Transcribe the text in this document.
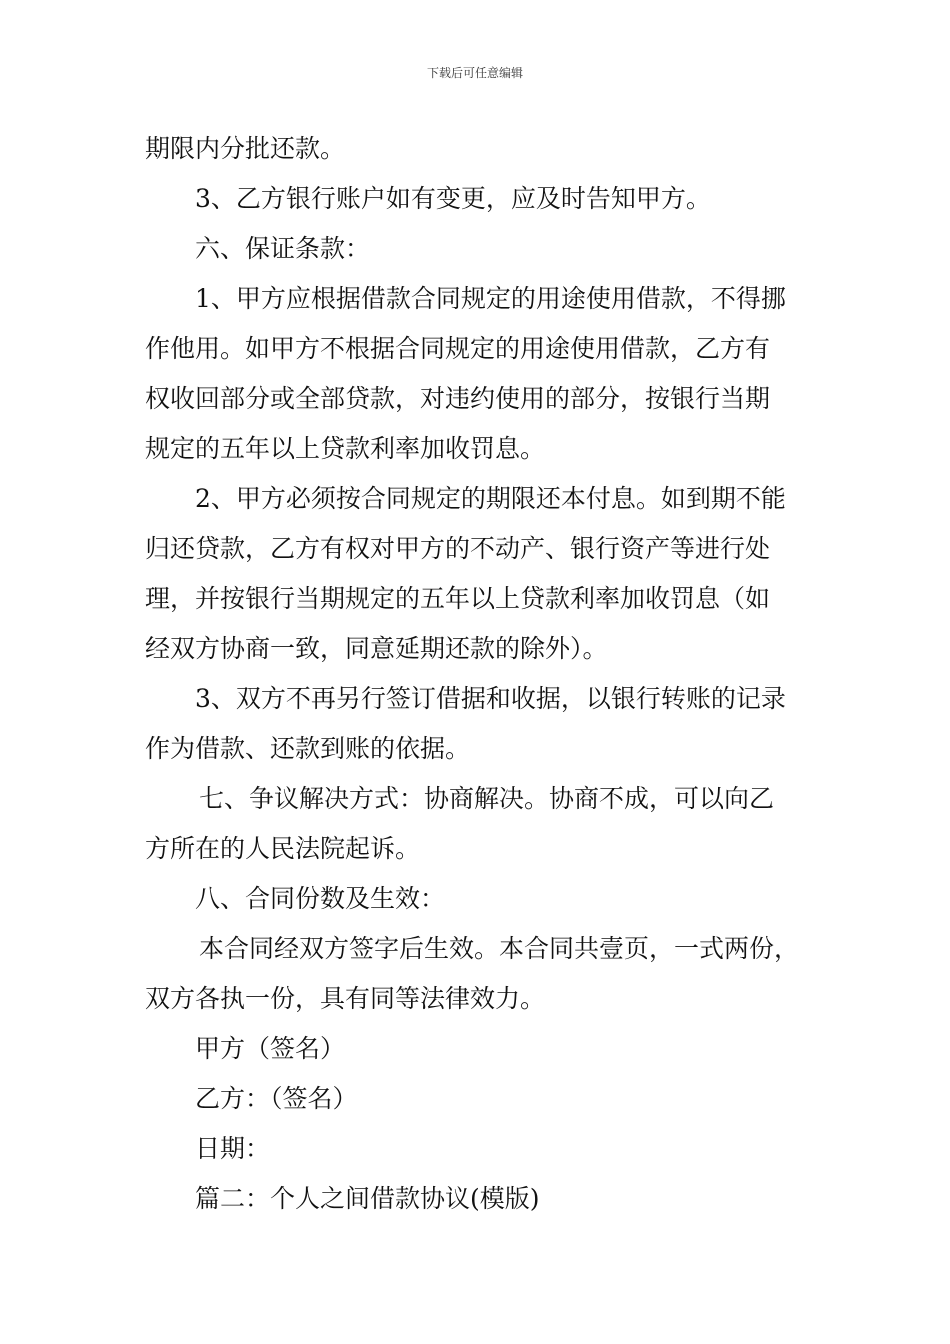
下载后可任意编辑
期限内分批还款。
3、乙方银行账户如有变更，应及时告知甲方。
六、保证条款：
1、甲方应根据借款合同规定的用途使用借款，不得挪
作他用。如甲方不根据合同规定的用途使用借款，乙方有
权收回部分或全部贷款，对违约使用的部分，按银行当期
规定的五年以上贷款利率加收罚息。
2、甲方必须按合同规定的期限还本付息。如到期不能
归还贷款，乙方有权对甲方的不动产、银行资产等进行处
理，并按银行当期规定的五年以上贷款利率加收罚息（如
经双方协商一致，同意延期还款的除外）。
3、双方不再另行签订借据和收据，以银行转账的记录
作为借款、还款到账的依据。
七、争议解决方式：协商解决。协商不成，可以向乙
方所在的人民法院起诉。
八、合同份数及生效：
本合同经双方签字后生效。本合同共壹页，一式两份，
双方各执一份，具有同等法律效力。
甲方（签名）
乙方：（签名）
日期：
篇二：个人之间借款协议(模版)
